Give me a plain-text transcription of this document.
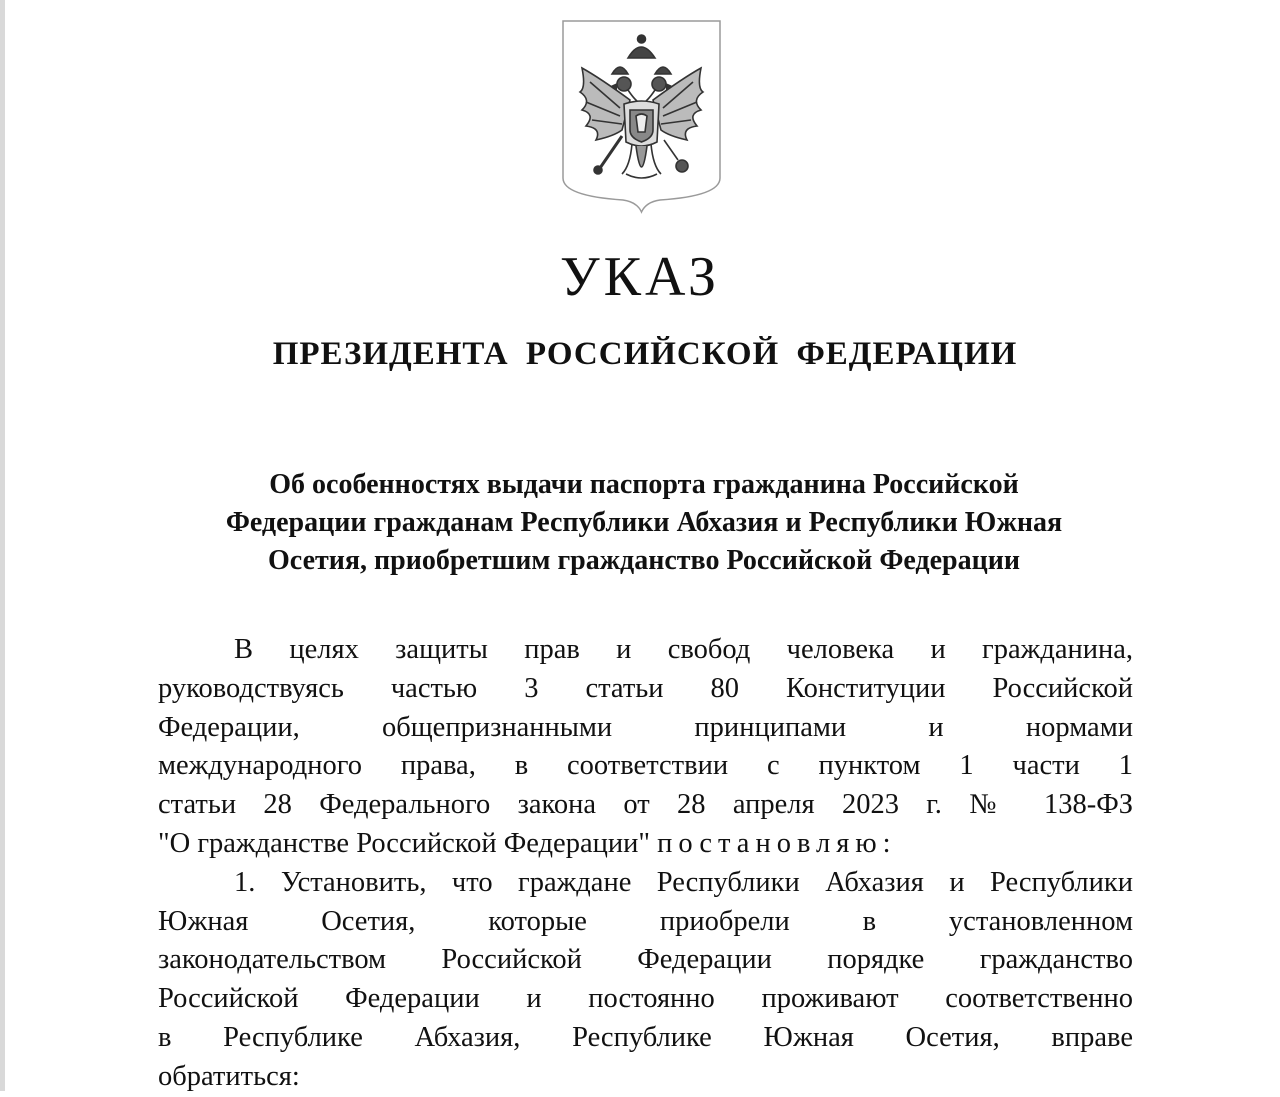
УКАЗ
ПРЕЗИДЕНТА РОССИЙСКОЙ ФЕДЕРАЦИИ
Об особенностях выдачи паспорта гражданина Российской
Федерации гражданам Республики Абхазия и Республики Южная
Осетия, приобретшим гражданство Российской Федерации
В целях защиты прав и свобод человека и гражданина,
руководствуясь частью 3 статьи 80 Конституции Российской
Федерации, общепризнанными принципами и нормами
международного права, в соответствии с пунктом 1 части 1
статьи 28 Федерального закона от 28 апреля 2023 г. № 138-ФЗ
"О гражданстве Российской Федерации" постановляю:
1. Установить, что граждане Республики Абхазия и Республики
Южная Осетия, которые приобрели в установленном
законодательством Российской Федерации порядке гражданство
Российской Федерации и постоянно проживают соответственно
в Республике Абхазия, Республике Южная Осетия, вправе
обратиться:
